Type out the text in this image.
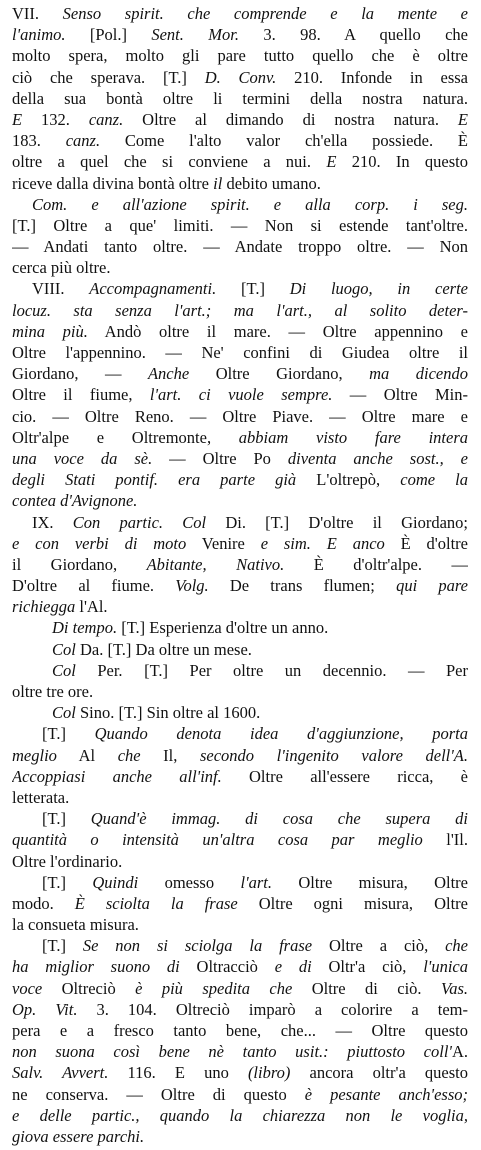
VII. Senso spirit. che comprende e la mente e
l'animo. [Pol.] Sent. Mor. 3. 98. A quello che
molto spera, molto gli pare tutto quello che è oltre
ciò che sperava. [T.] D. Conv. 210. Infonde in essa
della sua bontà oltre li termini della nostra natura.
E 132. canz. Oltre al dimando di nostra natura. E
183. canz. Come l'alto valor ch'ella possiede. È
oltre a quel che si conviene a nui. E 210. In questo
riceve dalla divina bontà oltre il debito umano.
Com. e all'azione spirit. e alla corp. i seg.
[T.] Oltre a que' limiti. — Non si estende tant'oltre.
— Andati tanto oltre. — Andate troppo oltre. — Non
cerca più oltre.
VIII. Accompagnamenti. [T.] Di luogo, in certe
locuz. sta senza l'art.; ma l'art., al solito deter-
mina più. Andò oltre il mare. — Oltre appennino e
Oltre l'appennino. — Ne' confini di Giudea oltre il
Giordano, — Anche Oltre Giordano, ma dicendo
Oltre il fiume, l'art. ci vuole sempre. — Oltre Min-
cio. — Oltre Reno. — Oltre Piave. — Oltre mare e
Oltr'alpe e Oltremonte, abbiam visto fare intera
una voce da sè. — Oltre Po diventa anche sost., e
degli Stati pontif. era parte già L'oltrepò, come la
contea d'Avignone.
IX. Con partic. Col Di. [T.] D'oltre il Giordano;
e con verbi di moto Venire e sim. E anco È d'oltre
il Giordano, Abitante, Nativo. È d'oltr'alpe. —
D'oltre al fiume. Volg. De trans flumen; qui pare
richiegga l'Al.
Di tempo. [T.] Esperienza d'oltre un anno.
Col Da. [T.] Da oltre un mese.
Col Per. [T.] Per oltre un decennio. — Per
oltre tre ore.
Col Sino. [T.] Sin oltre al 1600.
[T.] Quando denota idea d'aggiunzione, porta
meglio Al che Il, secondo l'ingenito valore dell'A.
Accoppiasi anche all'inf. Oltre all'essere ricca, è
letterata.
[T.] Quand'è immag. di cosa che supera di
quantità o intensità un'altra cosa par meglio l'Il.
Oltre l'ordinario.
[T.] Quindi omesso l'art. Oltre misura, Oltre
modo. È sciolta la frase Oltre ogni misura, Oltre
la consueta misura.
[T.] Se non si sciolga la frase Oltre a ciò, che
ha miglior suono di Oltracciò e di Oltr'a ciò, l'unica
voce Oltreciò è più spedita che Oltre di ciò. Vas.
Op. Vit. 3. 104. Oltreciò imparò a colorire a tem-
pera e a fresco tanto bene, che... — Oltre questo
non suona così bene nè tanto usit.: piuttosto coll'A.
Salv. Avvert. 116. E uno (libro) ancora oltr'a questo
ne conserva. — Oltre di questo è pesante anch'esso;
e delle partic., quando la chiarezza non le voglia,
giova essere parchi.
